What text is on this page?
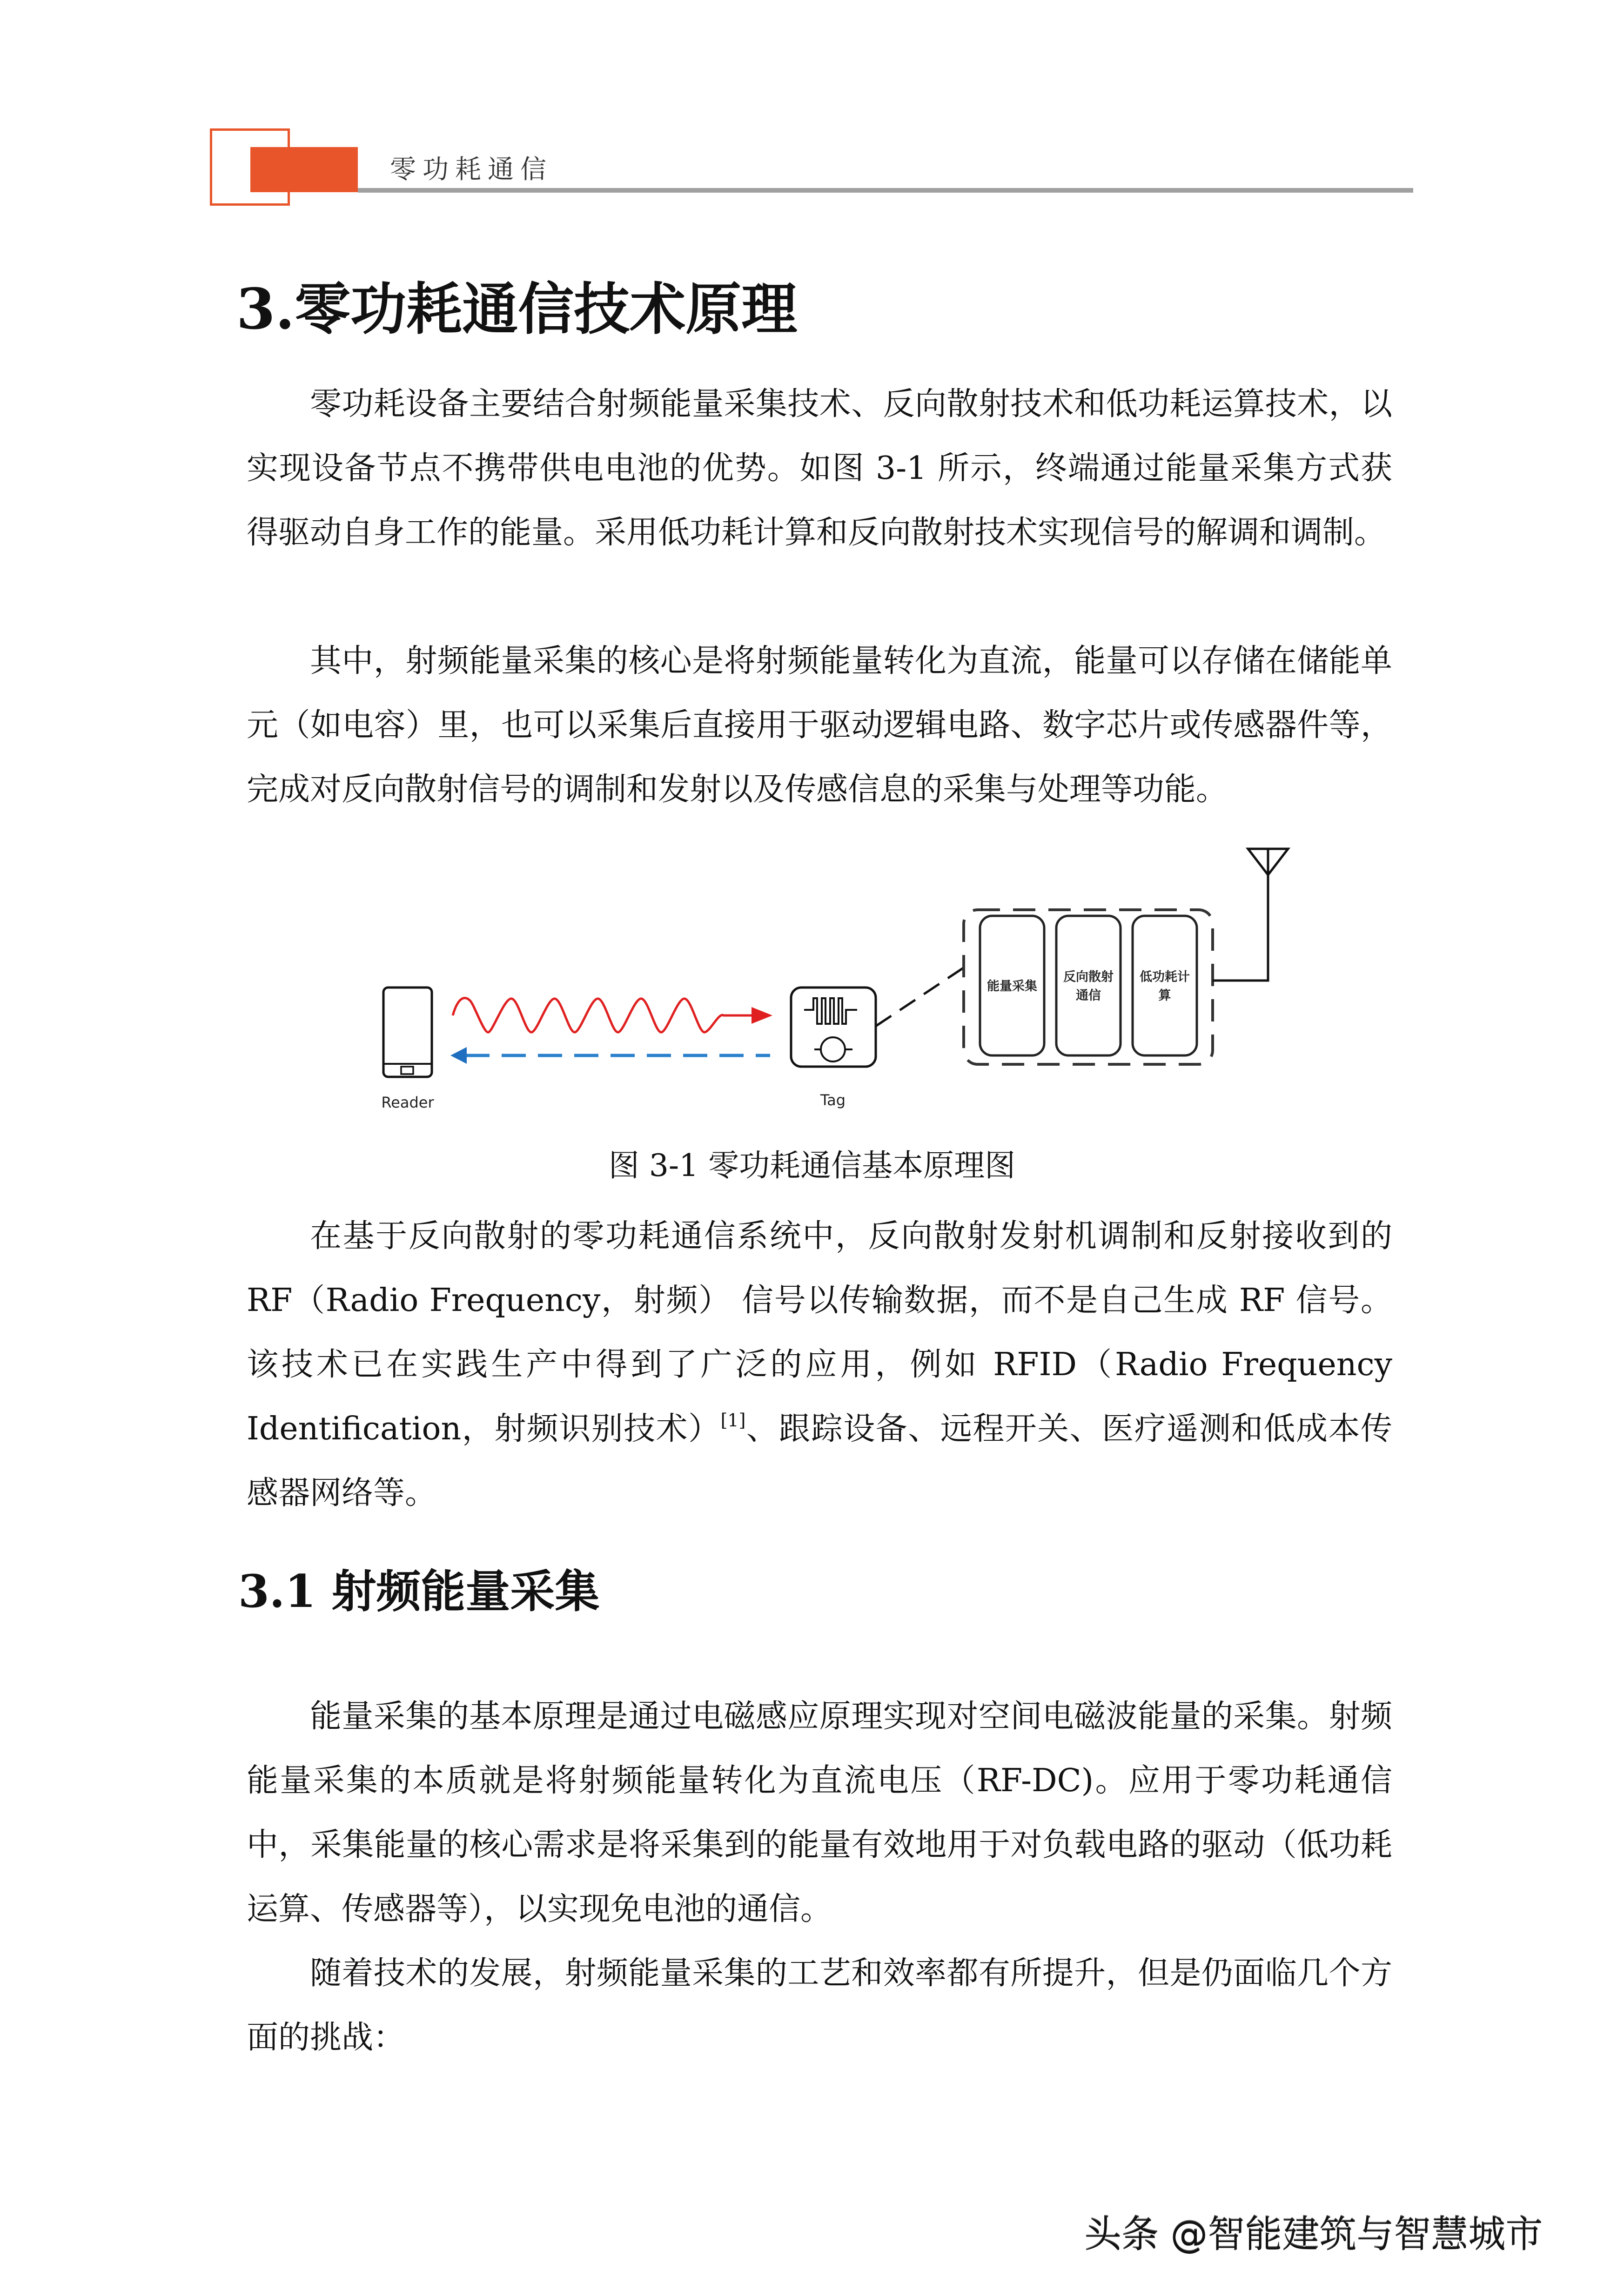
零功耗通信
3.零功耗通信技术原理
零功耗设备主要结合射频能量采集技术、反向散射技术和低功耗运算技术，以实现设备节点不携带供电电池的优势。如图 3-1 所示，终端通过能量采集方式获得驱动自身工作的能量。采用低功耗计算和反向散射技术实现信号的解调和调制。
其中，射频能量采集的核心是将射频能量转化为直流，能量可以存储在储能单元（如电容）里，也可以采集后直接用于驱动逻辑电路、数字芯片或传感器件等，完成对反向散射信号的调制和发射以及传感信息的采集与处理等功能。
能量采集
反向散射
通信
低功耗计
算
Reader	Tag
图 3-1 零功耗通信基本原理图
在基于反向散射的零功耗通信系统中，反向散射发射机调制和反射接收到的RF（Radio Frequency，射频） 信号以传输数据，而不是自己生成 RF 信号。该技术已在实践生产中得到了广泛的应用，例如 RFID（Radio Frequency Identification，射频识别技术）[1]、跟踪设备、远程开关、医疗遥测和低成本传感器网络等。
3.1 射频能量采集
能量采集的基本原理是通过电磁感应原理实现对空间电磁波能量的采集。射频能量采集的本质就是将射频能量转化为直流电压（RF-DC)。应用于零功耗通信中，采集能量的核心需求是将采集到的能量有效地用于对负载电路的驱动（低功耗运算、传感器等），以实现免电池的通信。
随着技术的发展，射频能量采集的工艺和效率都有所提升，但是仍面临几个方面的挑战：
头条 @智能建筑与智慧城市
